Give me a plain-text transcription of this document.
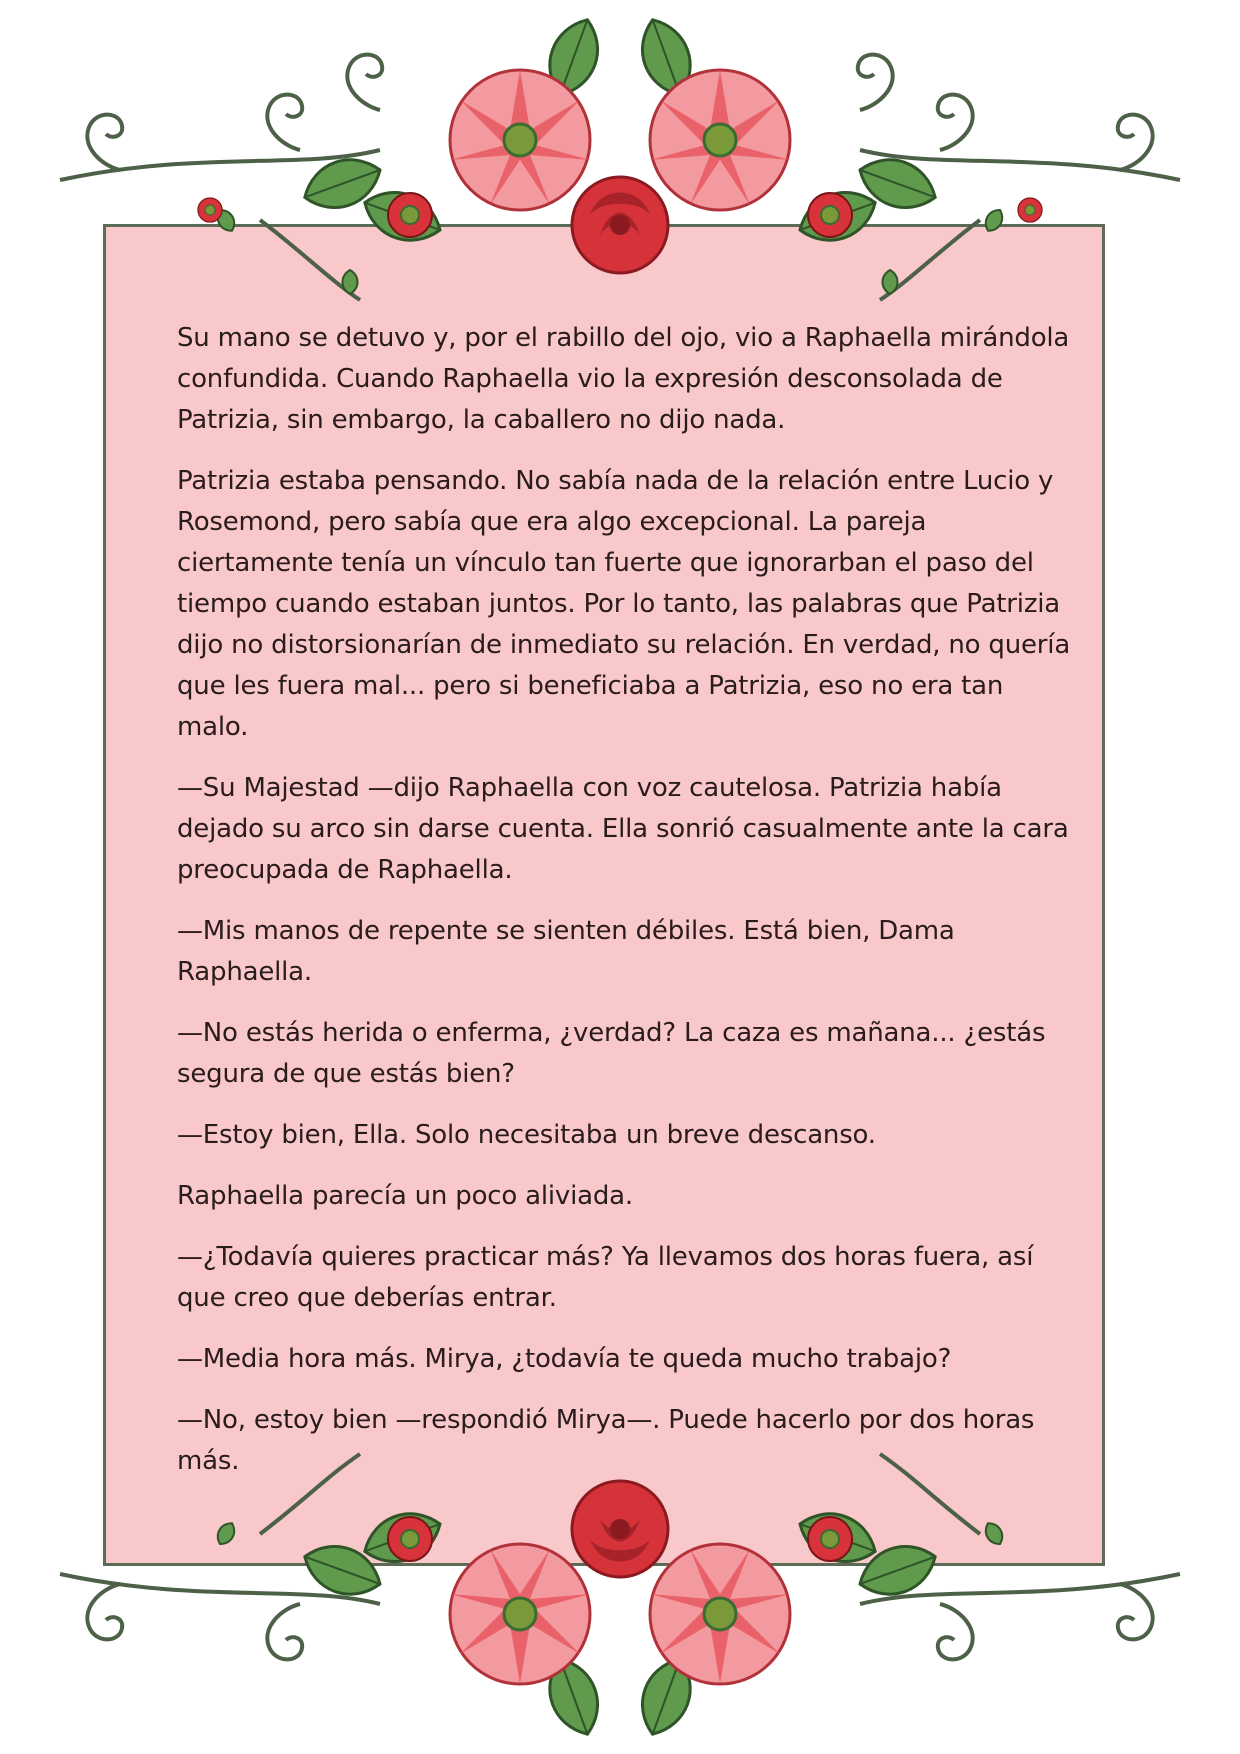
Su mano se detuvo y, por el rabillo del ojo, vio a Raphaella mirándola confundida. Cuando Raphaella vio la expresión desconsolada de Patrizia, sin embargo, la caballero no dijo nada.

Patrizia estaba pensando. No sabía nada de la relación entre Lucio y Rosemond, pero sabía que era algo excepcional. La pareja ciertamente tenía un vínculo tan fuerte que ignorarban el paso del tiempo cuando estaban juntos. Por lo tanto, las palabras que Patrizia dijo no distorsionarían de inmediato su relación. En verdad, no quería que les fuera mal... pero si beneficiaba a Patrizia, eso no era tan malo.

—Su Majestad —dijo Raphaella con voz cautelosa. Patrizia había dejado su arco sin darse cuenta. Ella sonrió casualmente ante la cara preocupada de Raphaella.

—Mis manos de repente se sienten débiles. Está bien, Dama Raphaella.

—No estás herida o enferma, ¿verdad? La caza es mañana... ¿estás segura de que estás bien?

—Estoy bien, Ella. Solo necesitaba un breve descanso.

Raphaella parecía un poco aliviada.

—¿Todavía quieres practicar más? Ya llevamos dos horas fuera, así que creo que deberías entrar.

—Media hora más. Mirya, ¿todavía te queda mucho trabajo?

—No, estoy bien —respondió Mirya—. Puede hacerlo por dos horas más.
